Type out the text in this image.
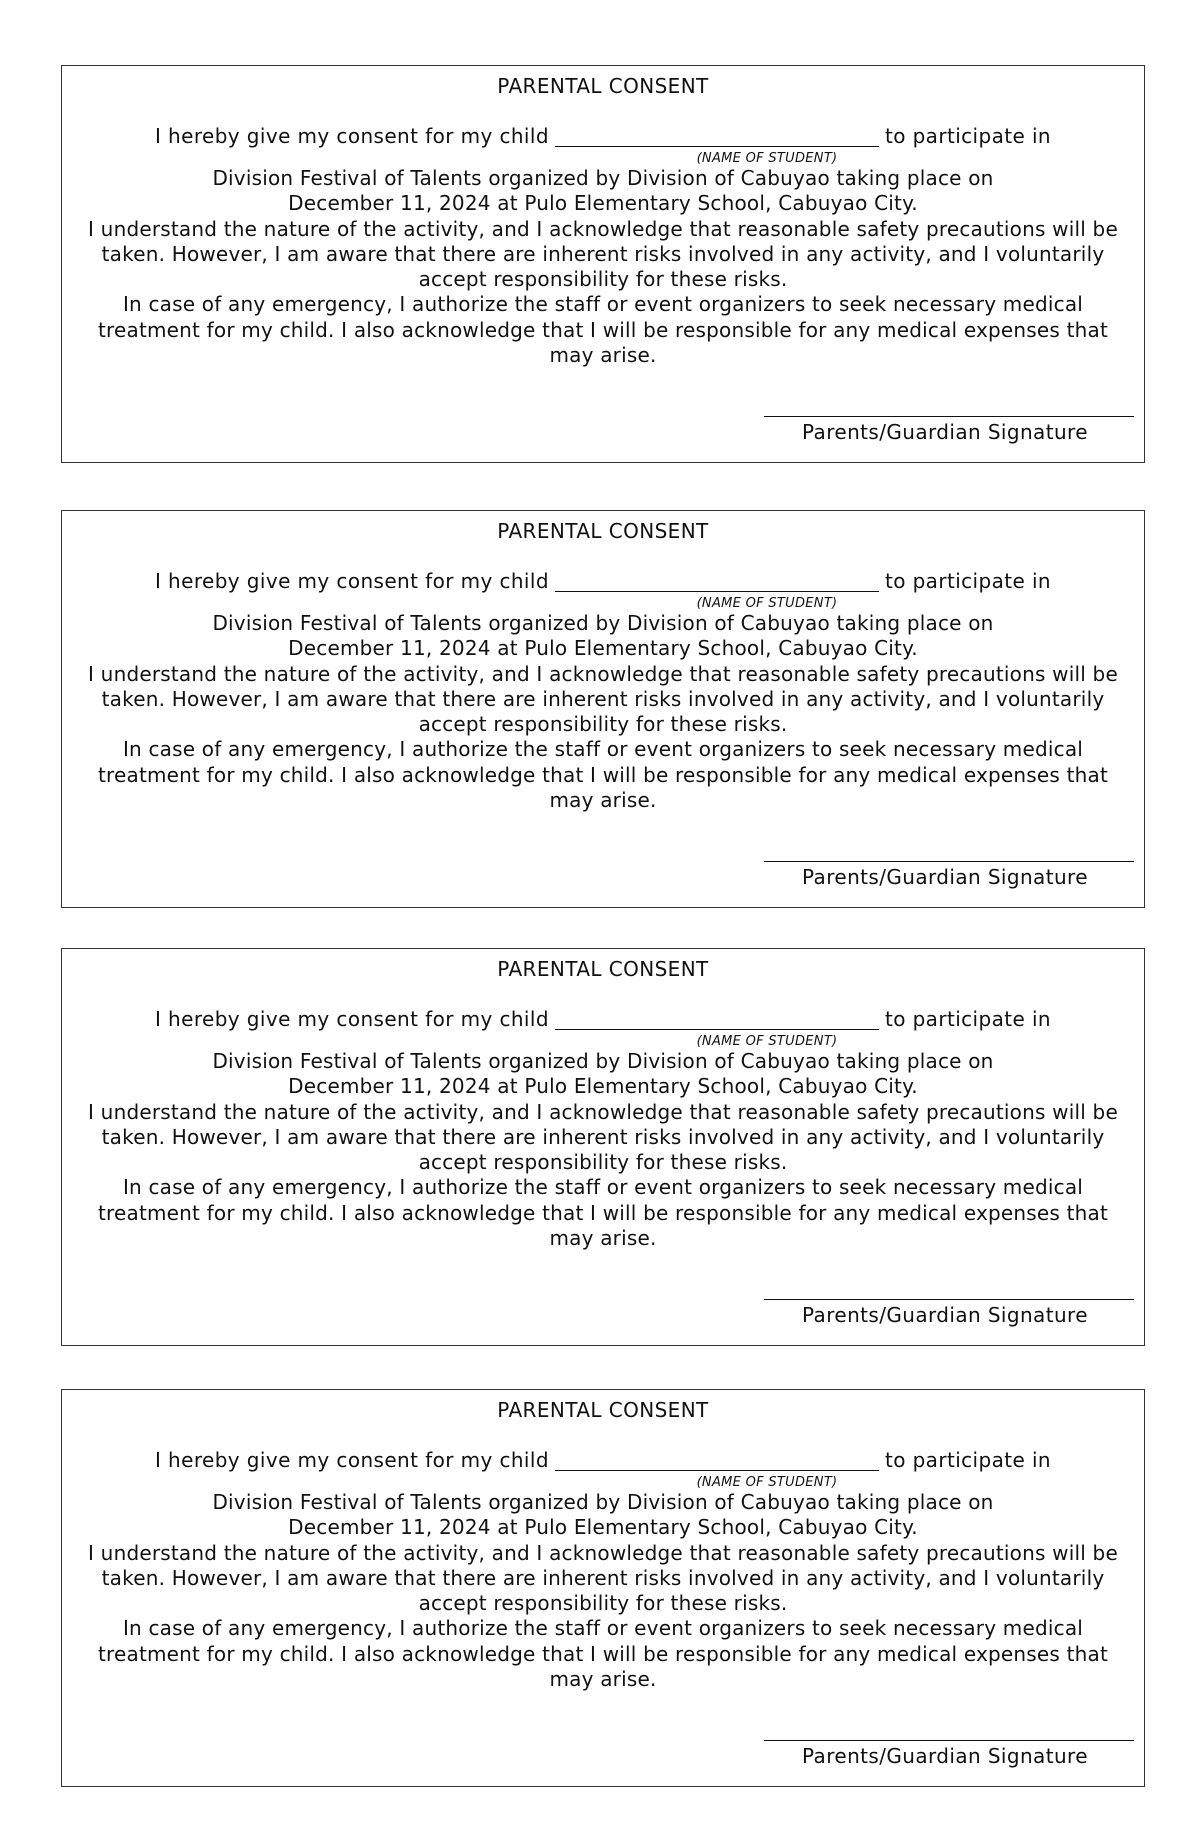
PARENTAL CONSENT
I hereby give my consent for my child	to participate in
(NAME OF STUDENT)

Division Festival of Talents organized by Division of Cabuyao taking place on

December 11, 2024 at Pulo Elementary School, Cabuyao City.

I understand the nature of the activity, and I acknowledge that reasonable safety precautions will be taken. However, I am aware that there are inherent risks involved in any activity, and I voluntarily accept responsibility for these risks.

In case of any emergency, I authorize the staff or event organizers to seek necessary medical treatment for my child. I also acknowledge that I will be responsible for any medical expenses that may arise.

Parents/Guardian Signature
PARENTAL CONSENT
I hereby give my consent for my child	to participate in
(NAME OF STUDENT)

Division Festival of Talents organized by Division of Cabuyao taking place on

December 11, 2024 at Pulo Elementary School, Cabuyao City.

I understand the nature of the activity, and I acknowledge that reasonable safety precautions will be taken. However, I am aware that there are inherent risks involved in any activity, and I voluntarily accept responsibility for these risks.

In case of any emergency, I authorize the staff or event organizers to seek necessary medical treatment for my child. I also acknowledge that I will be responsible for any medical expenses that may arise.

Parents/Guardian Signature
PARENTAL CONSENT
I hereby give my consent for my child	to participate in
(NAME OF STUDENT)

Division Festival of Talents organized by Division of Cabuyao taking place on

December 11, 2024 at Pulo Elementary School, Cabuyao City.

I understand the nature of the activity, and I acknowledge that reasonable safety precautions will be taken. However, I am aware that there are inherent risks involved in any activity, and I voluntarily accept responsibility for these risks.

In case of any emergency, I authorize the staff or event organizers to seek necessary medical treatment for my child. I also acknowledge that I will be responsible for any medical expenses that may arise.

Parents/Guardian Signature
PARENTAL CONSENT
I hereby give my consent for my child	to participate in
(NAME OF STUDENT)

Division Festival of Talents organized by Division of Cabuyao taking place on

December 11, 2024 at Pulo Elementary School, Cabuyao City.

I understand the nature of the activity, and I acknowledge that reasonable safety precautions will be taken. However, I am aware that there are inherent risks involved in any activity, and I voluntarily accept responsibility for these risks.

In case of any emergency, I authorize the staff or event organizers to seek necessary medical treatment for my child. I also acknowledge that I will be responsible for any medical expenses that may arise.

Parents/Guardian Signature
